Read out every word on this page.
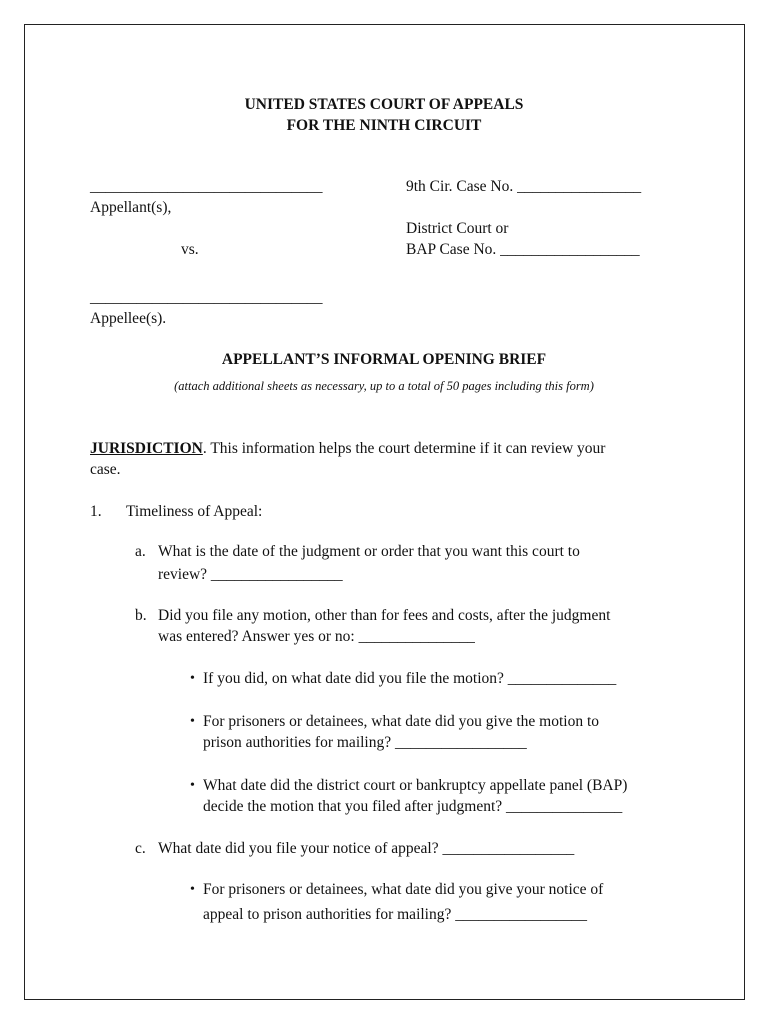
UNITED STATES COURT OF APPEALS
FOR THE NINTH CIRCUIT
______________________________
Appellant(s),
vs.
______________________________
Appellee(s).
9th Cir. Case No. ________________
District Court or
BAP Case No. __________________
APPELLANT’S INFORMAL OPENING BRIEF
(attach additional sheets as necessary, up to a total of 50 pages including this form)
JURISDICTION. This information helps the court determine if it can review your
case.
1. Timeliness of Appeal:
a. What is the date of the judgment or order that you want this court to
review? _________________
b. Did you file any motion, other than for fees and costs, after the judgment
was entered? Answer yes or no: _______________
• If you did, on what date did you file the motion? ______________
• For prisoners or detainees, what date did you give the motion to
prison authorities for mailing? _________________
• What date did the district court or bankruptcy appellate panel (BAP)
decide the motion that you filed after judgment? _______________
c. What date did you file your notice of appeal? _________________
• For prisoners or detainees, what date did you give your notice of
appeal to prison authorities for mailing? _________________
